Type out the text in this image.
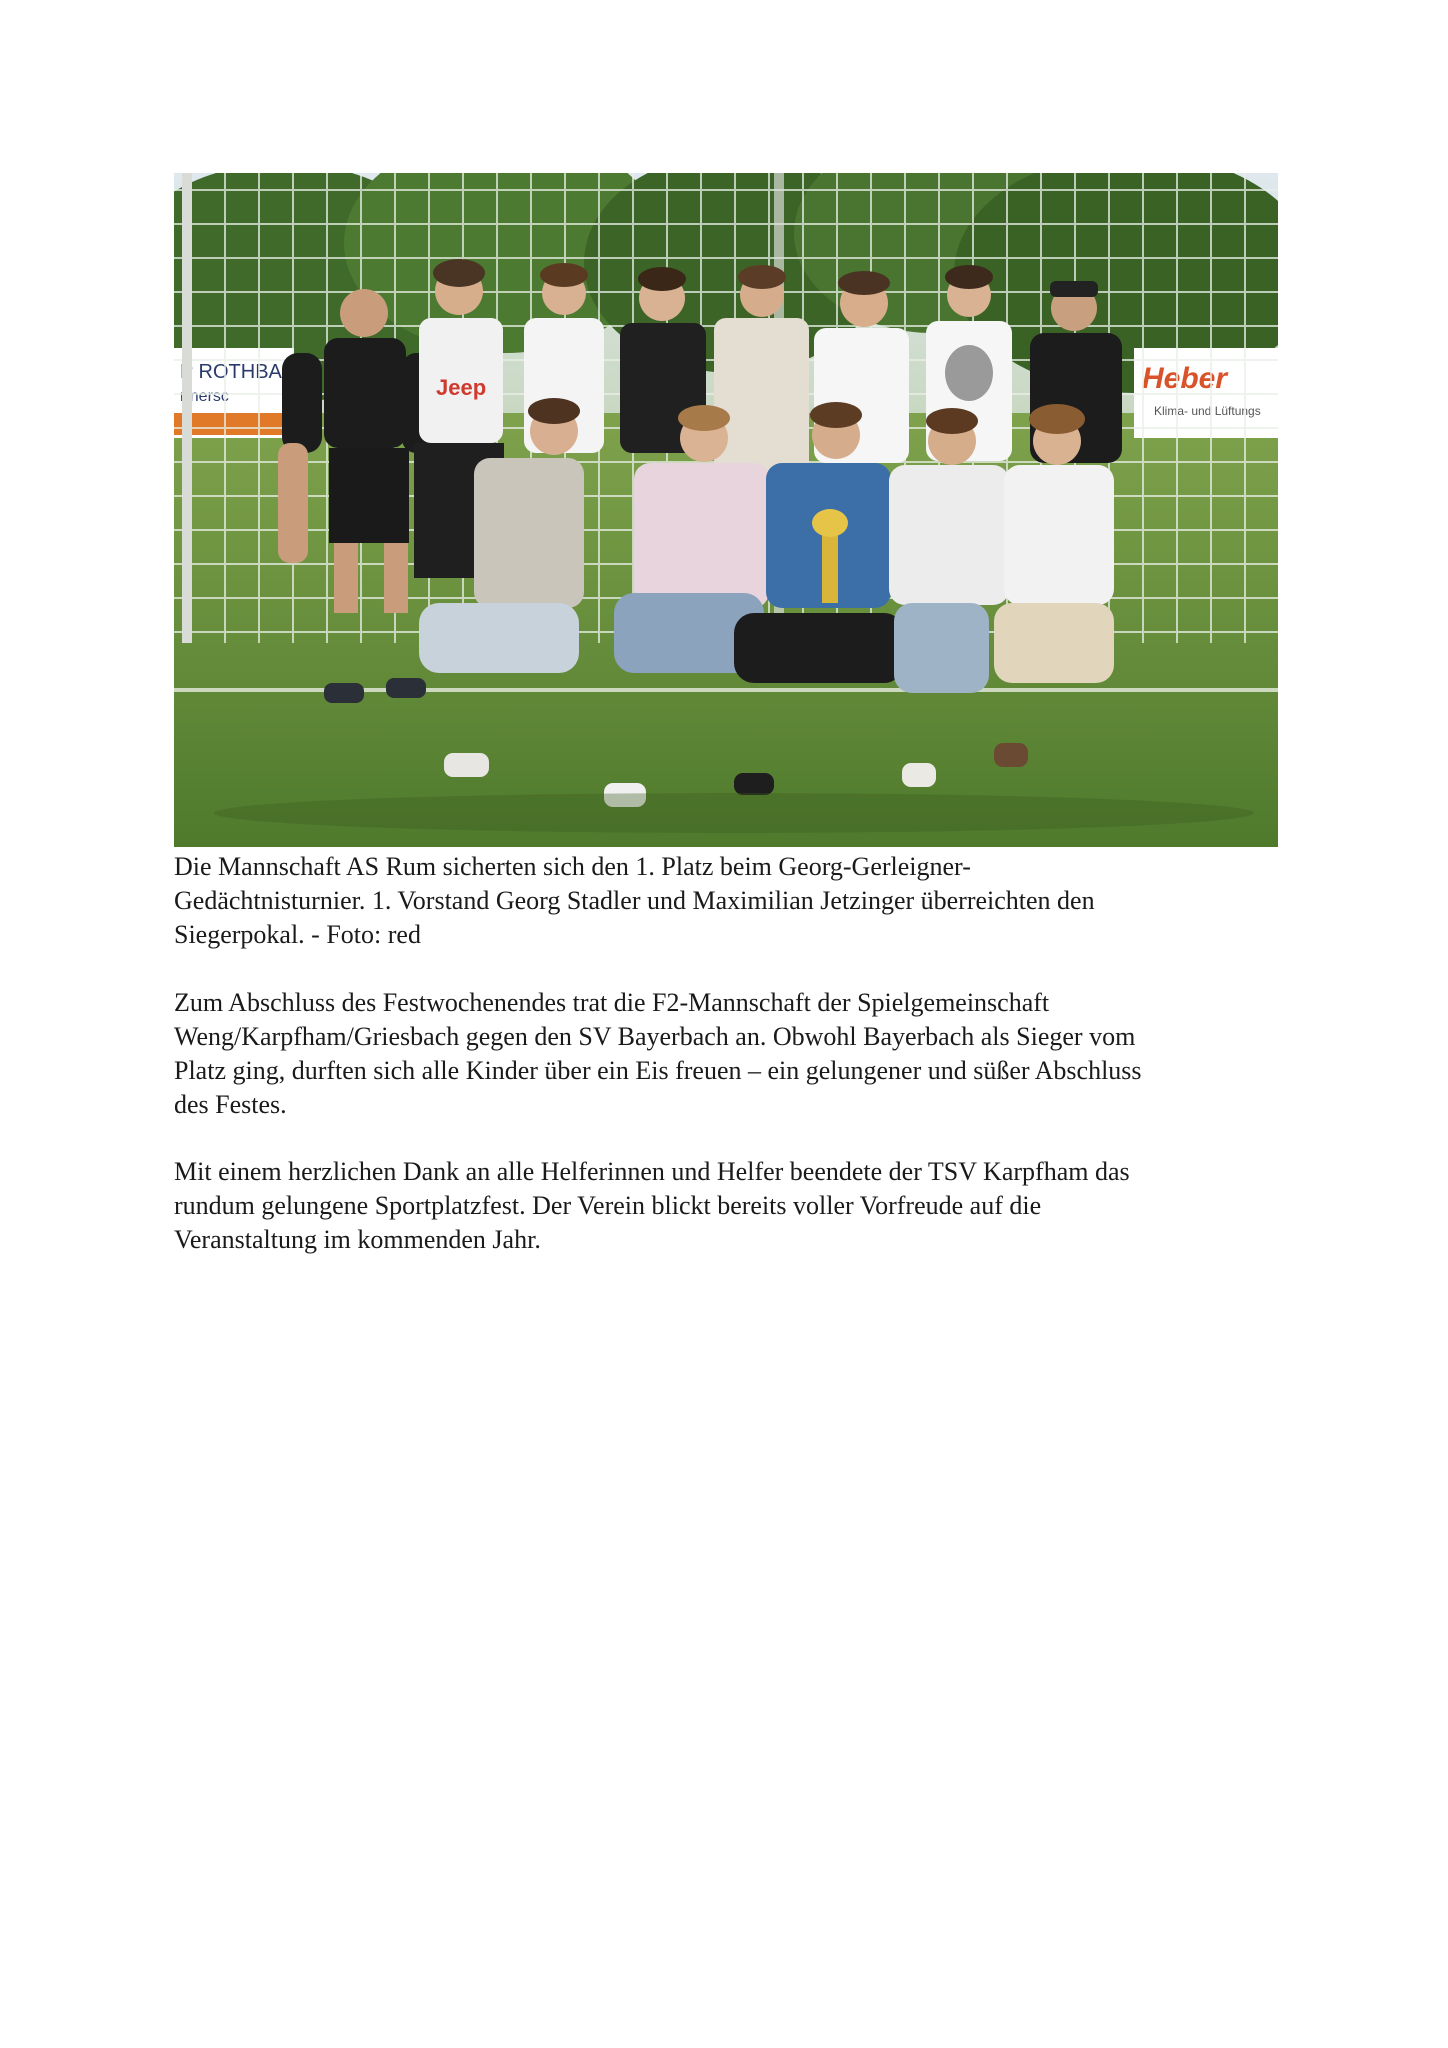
Jeep
Die Mannschaft AS Rum sicherten sich den 1. Platz beim Georg-Gerleigner-
Gedächtnisturnier. 1. Vorstand Georg Stadler und Maximilian Jetzinger überreichten den
Siegerpokal. - Foto: red
Zum Abschluss des Festwochenendes trat die F2-Mannschaft der Spielgemeinschaft
Weng/Karpfham/Griesbach gegen den SV Bayerbach an. Obwohl Bayerbach als Sieger vom
Platz ging, durften sich alle Kinder über ein Eis freuen – ein gelungener und süßer Abschluss
des Festes.
Mit einem herzlichen Dank an alle Helferinnen und Helfer beendete der TSV Karpfham das
rundum gelungene Sportplatzfest. Der Verein blickt bereits voller Vorfreude auf die
Veranstaltung im kommenden Jahr.
